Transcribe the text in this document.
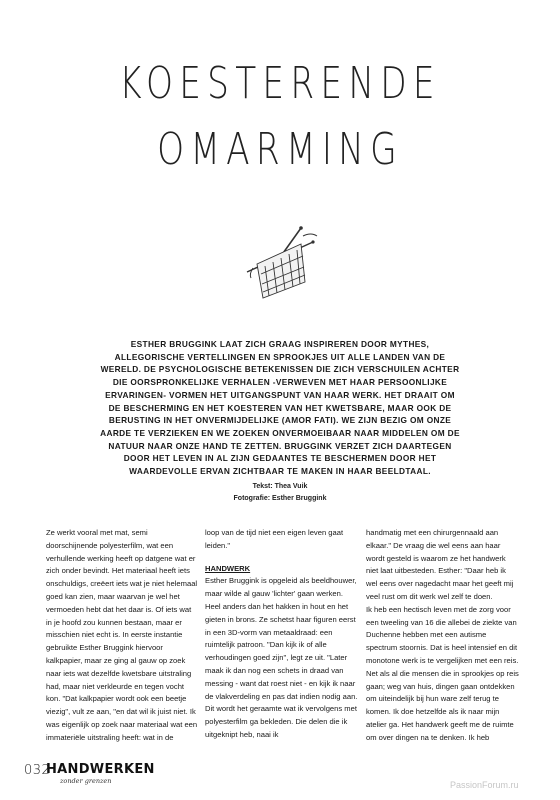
KOESTERENDE
OMARMING
ESTHER BRUGGINK LAAT ZICH GRAAG INSPIREREN DOOR MYTHES, ALLEGORISCHE VERTELLINGEN EN SPROOKJES UIT ALLE LANDEN VAN DE WERELD. DE PSYCHOLOGISCHE BETEKENISSEN DIE ZICH VERSCHUILEN ACHTER DIE OORSPRONKELIJKE VERHALEN -VERWEVEN MET HAAR PERSOONLIJKE ERVARINGEN- VORMEN HET UITGANGSPUNT VAN HAAR WERK. HET DRAAIT OM DE BESCHERMING EN HET KOESTEREN VAN HET KWETSBARE, MAAR OOK DE BERUSTING IN HET ONVERMIJDELIJKE (AMOR FATI). WE ZIJN BEZIG OM ONZE AARDE TE VERZIEKEN EN WE ZOEKEN ONVERMOEIBAAR NAAR MIDDELEN OM DE NATUUR NAAR ONZE HAND TE ZETTEN. BRUGGINK VERZET ZICH DAARTEGEN DOOR HET LEVEN IN AL ZIJN GEDAANTES TE BESCHERMEN DOOR HET WAARDEVOLLE ERVAN ZICHTBAAR TE MAKEN IN HAAR BEELDTAAL.
Tekst: Thea Vuik
Fotografie: Esther Bruggink

Ze werkt vooral met mat, semi doorschijnende polyesterfilm, wat een verhullende werking heeft op datgene wat er zich onder bevindt. Het materiaal heeft iets onschuldigs, creëert iets wat je niet helemaal goed kan zien, maar waarvan je wel het vermoeden hebt dat het daar is. Of iets wat in je hoofd zou kunnen bestaan, maar er misschien niet echt is. In eerste instantie gebruikte Esther Bruggink hiervoor kalkpapier, maar ze ging al gauw op zoek naar iets wat dezelfde kwetsbare uitstraling had, maar niet verkleurde en tegen vocht kon. "Dat kalkpapier wordt ook een beetje viezig", vult ze aan, "en dat wil ik juist niet. Ik was eigenlijk op zoek naar materiaal wat een immateriële uitstraling heeft: wat in de

loop van de tijd niet een eigen leven gaat leiden."

HANDWERK

Esther Bruggink is opgeleid als beeldhouwer, maar wilde al gauw 'lichter' gaan werken. Heel anders dan het hakken in hout en het gieten in brons. Ze schetst haar figuren eerst in een 3D-vorm van metaaldraad: een ruimtelijk patroon. "Dan kijk ik of alle verhoudingen goed zijn", legt ze uit. "Later maak ik dan nog een schets in draad van messing - want dat roest niet - en kijk ik naar de vlakverdeling en pas dat indien nodig aan. Dit wordt het geraamte wat ik vervolgens met polyesterfilm ga bekleden. Die delen die ik uitgeknipt heb, naai ik

handmatig met een chirurgennaald aan elkaar." De vraag die wel eens aan haar wordt gesteld is waarom ze het handwerk niet laat uitbesteden. Esther: "Daar heb ik wel eens over nagedacht maar het geeft mij veel rust om dit werk wel zelf te doen.

Ik heb een hectisch leven met de zorg voor een tweeling van 16 die allebei de ziekte van Duchenne hebben met een autisme spectrum stoornis. Dat is heel intensief en dit monotone werk is te vergelijken met een reis. Net als al die mensen die in sprookjes op reis gaan; weg van huis, dingen gaan ontdekken om uiteindelijk bij hun ware zelf terug te komen. Ik doe hetzelfde als ik naar mijn atelier ga. Het handwerk geeft me de ruimte om over dingen na te denken. Ik heb

032
HANDWERKEN
zonder grenzen	PassionForum.ru
